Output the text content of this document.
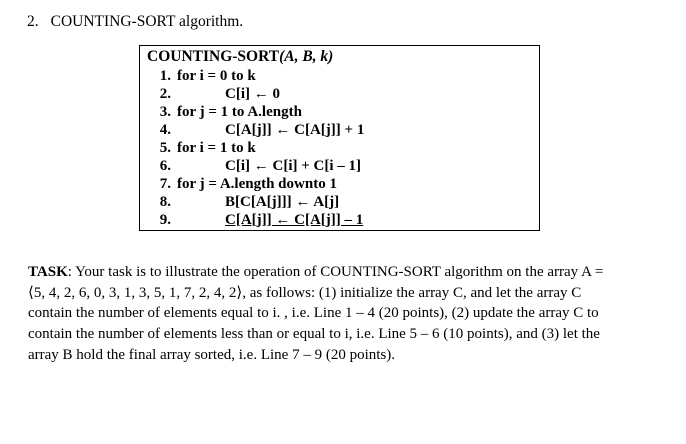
2. COUNTING-SORT algorithm.
COUNTING-SORT(A, B, k)
1. for i = 0 to k
2.	C[i] ← 0
3. for j = 1 to A.length
4.	C[A[j]] ← C[A[j]] + 1
5. for i = 1 to k
6.	C[i] ← C[i] + C[i – 1]
7. for j = A.length downto 1
8.	B[C[A[j]]] ← A[j]
9.	C[A[j]] ← C[A[j]] – 1
TASK: Your task is to illustrate the operation of COUNTING-SORT algorithm on the array A =
⟨5, 4, 2, 6, 0, 3, 1, 3, 5, 1, 7, 2, 4, 2⟩, as follows: (1) initialize the array C, and let the array C
contain the number of elements equal to i. , i.e. Line 1 – 4 (20 points), (2) update the array C to
contain the number of elements less than or equal to i, i.e. Line 5 – 6 (10 points), and (3) let the
array B hold the final array sorted, i.e. Line 7 – 9 (20 points).
